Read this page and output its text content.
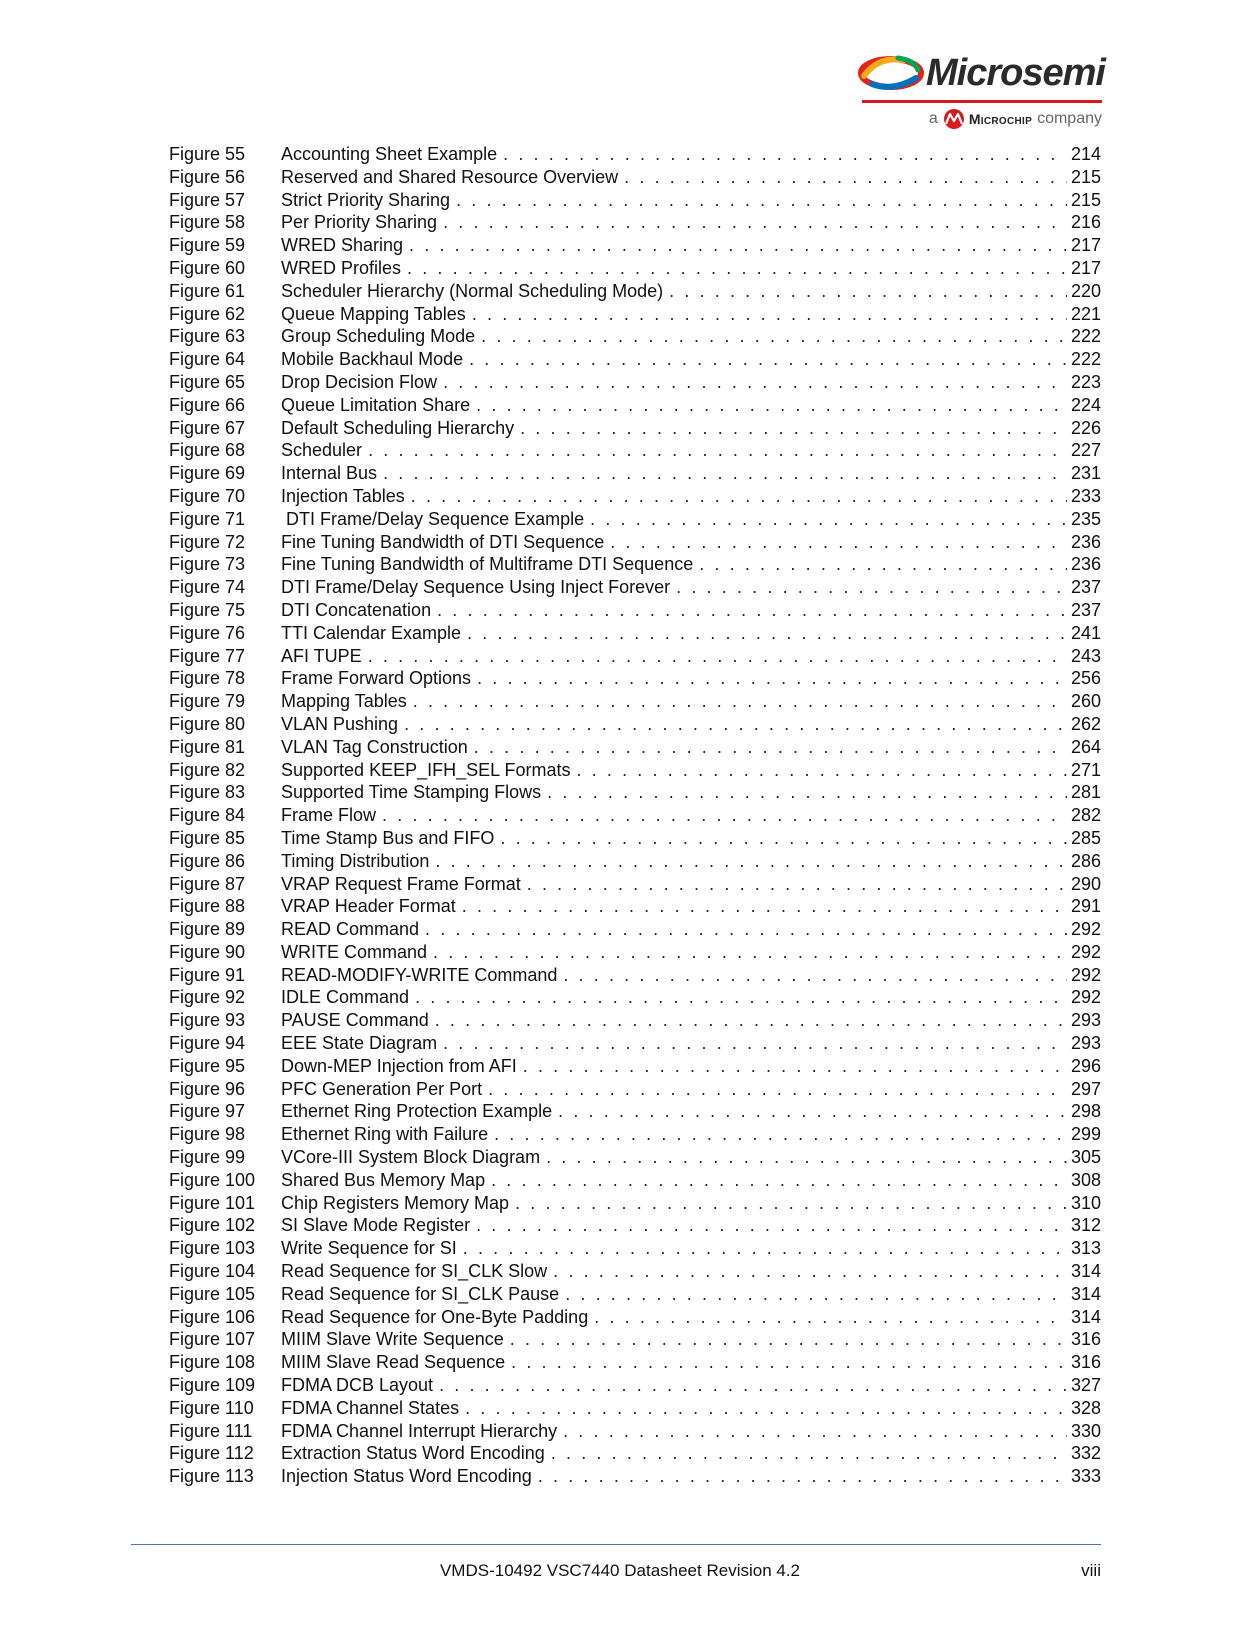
Microsemi
a Microchip company
Figure 55	Accounting Sheet Example . . .	214
Figure 56	Reserved and Shared Resource Overview . . .	215
Figure 57	Strict Priority Sharing . . .	215
Figure 58	Per Priority Sharing . . .	216
Figure 59	WRED Sharing . . .	217
Figure 60	WRED Profiles . . .	217
Figure 61	Scheduler Hierarchy (Normal Scheduling Mode) . . .	220
Figure 62	Queue Mapping Tables . . .	221
Figure 63	Group Scheduling Mode . . .	222
Figure 64	Mobile Backhaul Mode . . .	222
Figure 65	Drop Decision Flow . . .	223
Figure 66	Queue Limitation Share . . .	224
Figure 67	Default Scheduling Hierarchy . . .	226
Figure 68	Scheduler . . .	227
Figure 69	Internal Bus . . .	231
Figure 70	Injection Tables . . .	233
Figure 71	DTI Frame/Delay Sequence Example . . .	235
Figure 72	Fine Tuning Bandwidth of DTI Sequence . . .	236
Figure 73	Fine Tuning Bandwidth of Multiframe DTI Sequence . . .	236
Figure 74	DTI Frame/Delay Sequence Using Inject Forever . . .	237
Figure 75	DTI Concatenation . . .	237
Figure 76	TTI Calendar Example . . .	241
Figure 77	AFI TUPE . . .	243
Figure 78	Frame Forward Options . . .	256
Figure 79	Mapping Tables . . .	260
Figure 80	VLAN Pushing . . .	262
Figure 81	VLAN Tag Construction . . .	264
Figure 82	Supported KEEP_IFH_SEL Formats . . .	271
Figure 83	Supported Time Stamping Flows . . .	281
Figure 84	Frame Flow . . .	282
Figure 85	Time Stamp Bus and FIFO . . .	285
Figure 86	Timing Distribution . . .	286
Figure 87	VRAP Request Frame Format . . .	290
Figure 88	VRAP Header Format . . .	291
Figure 89	READ Command . . .	292
Figure 90	WRITE Command . . .	292
Figure 91	READ-MODIFY-WRITE Command . . .	292
Figure 92	IDLE Command . . .	292
Figure 93	PAUSE Command . . .	293
Figure 94	EEE State Diagram . . .	293
Figure 95	Down-MEP Injection from AFI . . .	296
Figure 96	PFC Generation Per Port . . .	297
Figure 97	Ethernet Ring Protection Example . . .	298
Figure 98	Ethernet Ring with Failure . . .	299
Figure 99	VCore-III System Block Diagram . . .	305
Figure 100	Shared Bus Memory Map . . .	308
Figure 101	Chip Registers Memory Map . . .	310
Figure 102	SI Slave Mode Register . . .	312
Figure 103	Write Sequence for SI . . .	313
Figure 104	Read Sequence for SI_CLK Slow . . .	314
Figure 105	Read Sequence for SI_CLK Pause . . .	314
Figure 106	Read Sequence for One-Byte Padding . . .	314
Figure 107	MIIM Slave Write Sequence . . .	316
Figure 108	MIIM Slave Read Sequence . . .	316
Figure 109	FDMA DCB Layout . . .	327
Figure 110	FDMA Channel States . . .	328
Figure 111	FDMA Channel Interrupt Hierarchy . . .	330
Figure 112	Extraction Status Word Encoding . . .	332
Figure 113	Injection Status Word Encoding . . .	333
VMDS-10492 VSC7440 Datasheet Revision 4.2	viii
